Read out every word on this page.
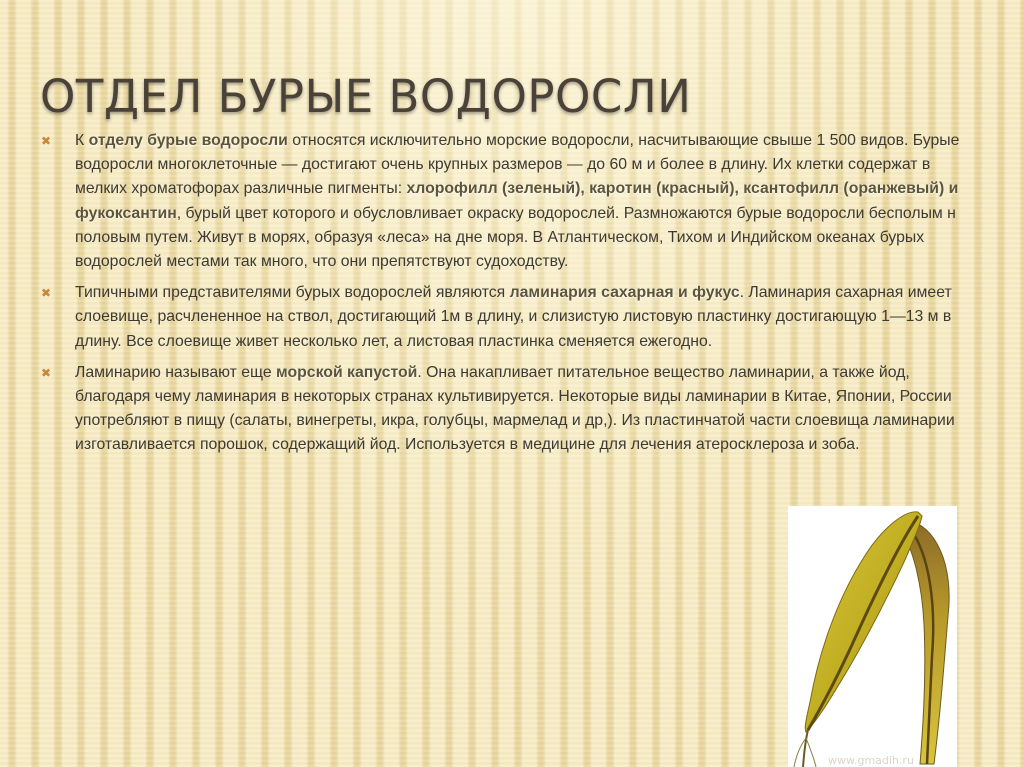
ОТДЕЛ БУРЫЕ ВОДОРОСЛИ

✖ К отделу бурые водоросли относятся исключительно морские водоросли, насчитывающие свыше 1 500 видов. Бурые водоросли многоклеточные — достигают очень крупных размеров — до 60 м и более в длину. Их клетки содержат в мелких хроматофорах различные пигменты: хлорофилл (зеленый), каротин (красный), ксантофилл (оранжевый) и фукоксантин, бурый цвет которого и обусловливает окраску водорослей. Размножаются бурые водоросли бесполым н половым путем. Живут в морях, образуя «леса» на дне моря. В Атлантическом, Тихом и Индийском океанах бурых водорослей местами так много, что они препятствуют судоходству.

✖ Типичными представителями бурых водорослей являются ламинария сахарная и фукус. Ламинария сахарная имеет слоевище, расчлененное на ствол, достигающий 1м в длину, и слизистую листовую пластинку достигающую 1—13 м в длину. Все слоевище живет несколько лет, а листовая пластинка сменяется ежегодно.

✖ Ламинарию называют еще морской капустой. Она накапливает питательное вещество ламинарии, а также йод, благодаря чему ламинария в некоторых странах культивируется. Некоторые виды ламинарии в Китае, Японии, России употребляют в пищу (салаты, винегреты, икра, голубцы, мармелад и др,). Из пластинчатой части слоевища ламинарии изготавливается порошок, содержащий йод. Используется в медицине для лечения атеросклероза и зоба.

www.gmadih.ru
